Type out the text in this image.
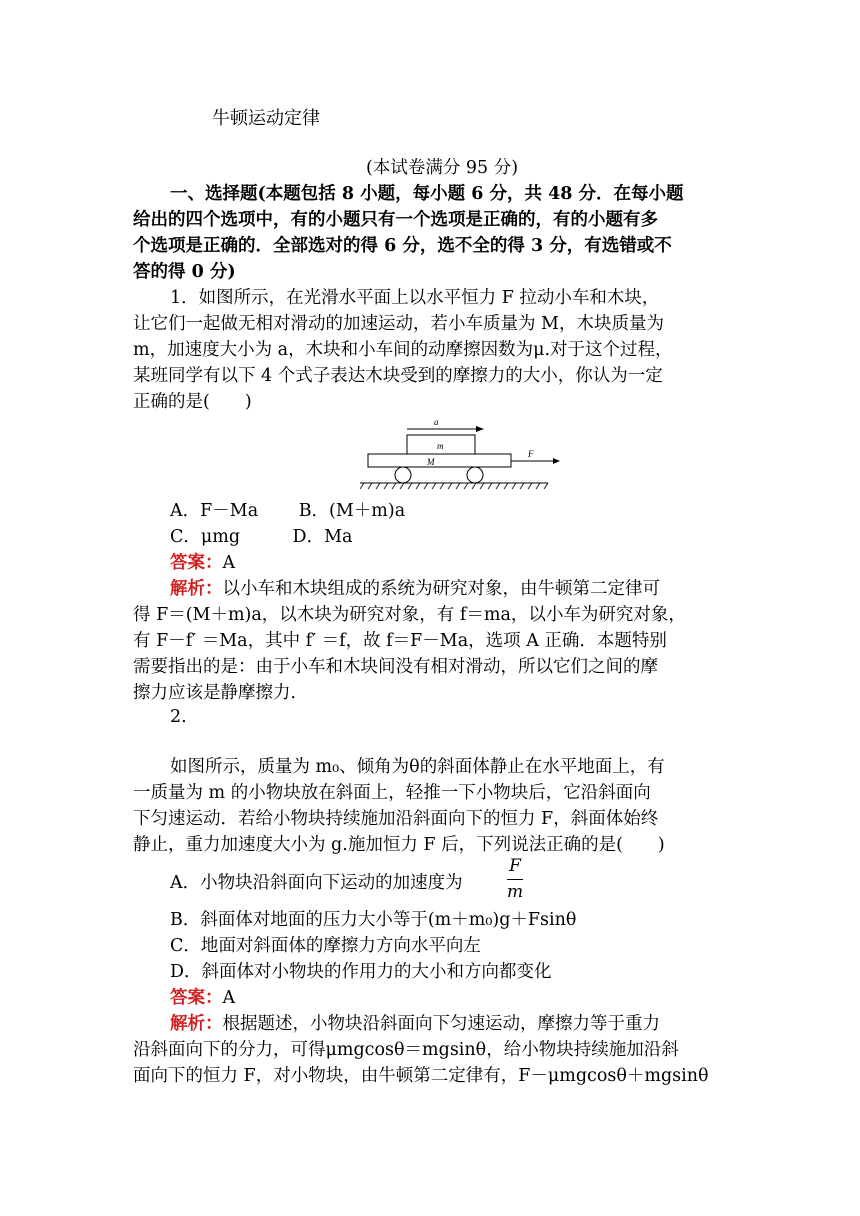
牛顿运动定律
(本试卷满分 95 分)
一、选择题(本题包括 8 小题，每小题 6 分，共 48 分．在每小题
给出的四个选项中，有的小题只有一个选项是正确的，有的小题有多
个选项是正确的．全部选对的得 6 分，选不全的得 3 分，有选错或不
答的得 0 分)
1．如图所示，在光滑水平面上以水平恒力 F 拉动小车和木块，
让它们一起做无相对滑动的加速运动，若小车质量为 M，木块质量为
m，加速度大小为 a，木块和小车间的动摩擦因数为μ.对于这个过程，
某班同学有以下 4 个式子表达木块受到的摩擦力的大小，你认为一定
正确的是(　　)
a
m
M
F
A．F－Ma　　 B．(M＋m)a
C．μmg　　　D．Ma
答案：A
解析：以小车和木块组成的系统为研究对象，由牛顿第二定律可
得 F＝(M＋m)a，以木块为研究对象，有 f＝ma，以小车为研究对象，
有 F－f′ ＝Ma，其中 f′ ＝f，故 f＝F－Ma，选项 A 正确．本题特别
需要指出的是：由于小车和木块间没有相对滑动，所以它们之间的摩
擦力应该是静摩擦力．
2.
如图所示，质量为 m₀、倾角为θ的斜面体静止在水平地面上，有
一质量为 m 的小物块放在斜面上，轻推一下小物块后，它沿斜面向
下匀速运动．若给小物块持续施加沿斜面向下的恒力 F，斜面体始终
静止，重力加速度大小为 g.施加恒力 F 后，下列说法正确的是(　　)
A．小物块沿斜面向下运动的加速度为
F
m
B．斜面体对地面的压力大小等于(m＋m₀)g＋Fsinθ
C．地面对斜面体的摩擦力方向水平向左
D．斜面体对小物块的作用力的大小和方向都变化
答案：A
解析：根据题述，小物块沿斜面向下匀速运动，摩擦力等于重力
沿斜面向下的分力，可得μmgcosθ＝mgsinθ，给小物块持续施加沿斜
面向下的恒力 F，对小物块，由牛顿第二定律有，F－μmgcosθ＋mgsinθ
